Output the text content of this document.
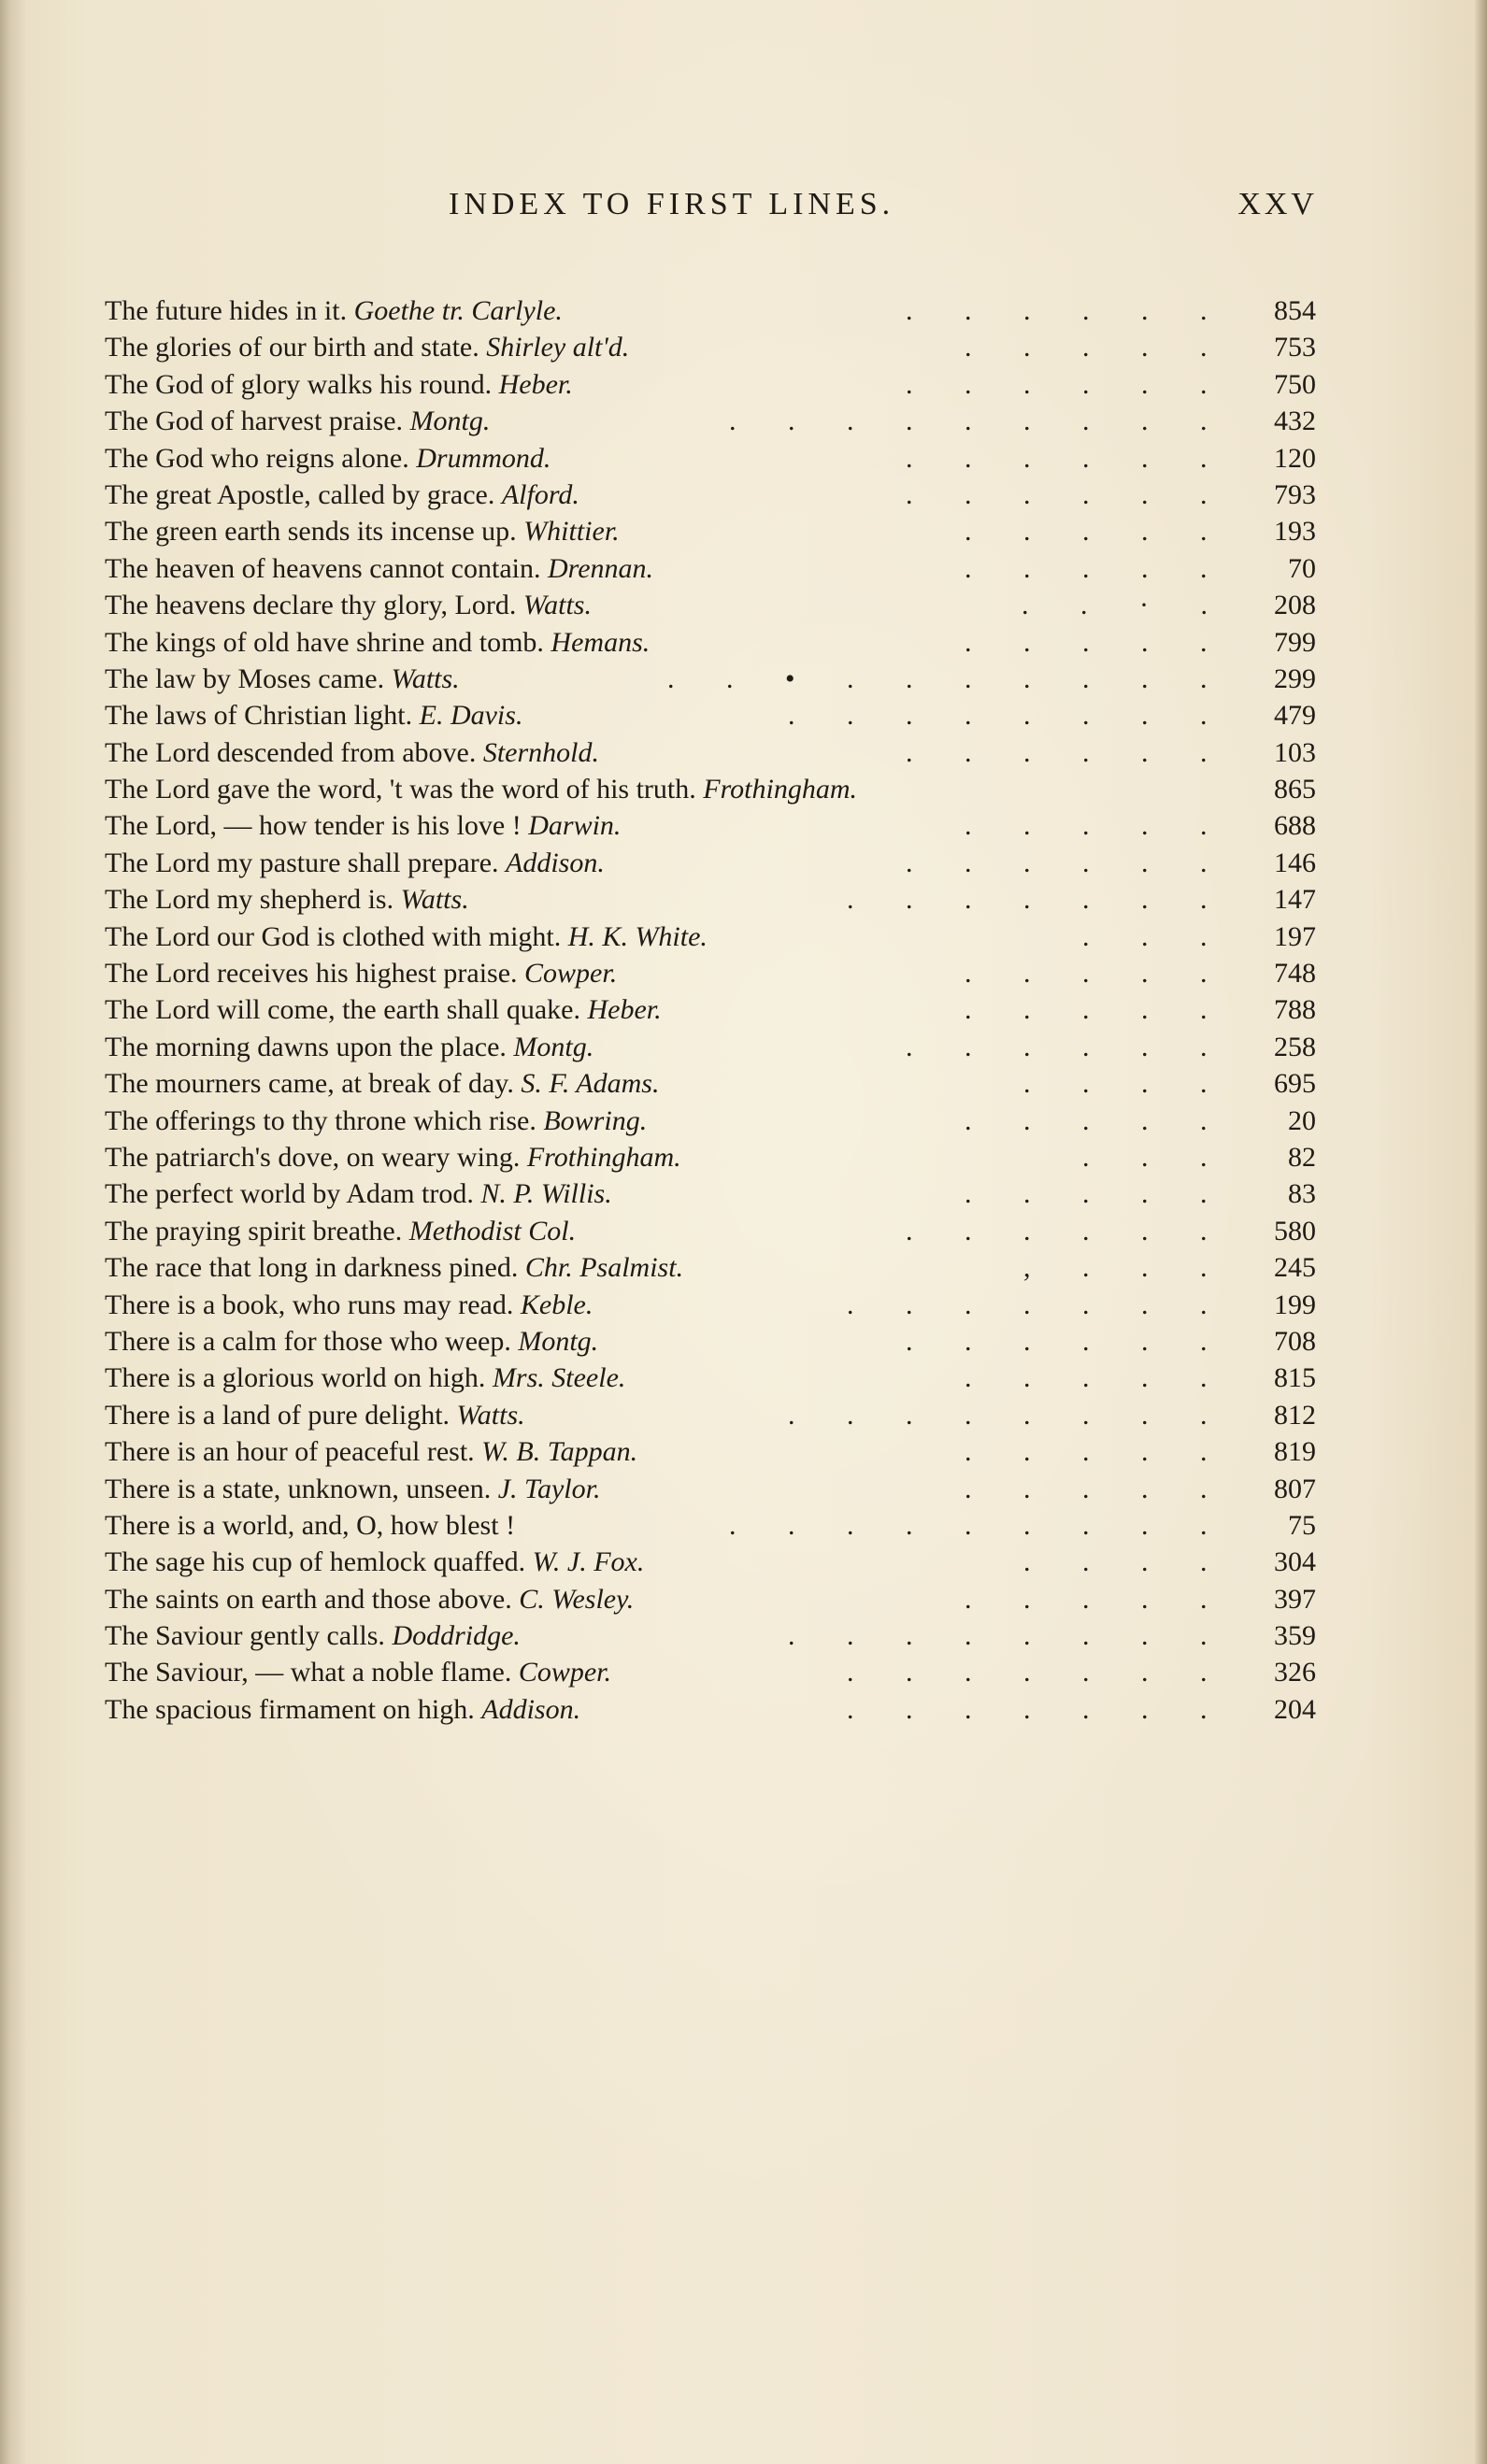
INDEX TO FIRST LINES.	XXV
The future hides in it. Goethe tr. Carlyle.	. . . . . .	854
The glories of our birth and state. Shirley alt'd.	. . . . .	753
The God of glory walks his round. Heber.	. . . . . .	750
The God of harvest praise. Montg.	. . . . . . . . .	432
The God who reigns alone. Drummond.	. . . . . .	120
The great Apostle, called by grace. Alford.	. . . . . .	793
The green earth sends its incense up. Whittier.	. . . . .	193
The heaven of heavens cannot contain. Drennan.	. . . . .	70
The heavens declare thy glory, Lord. Watts.	. . · .	208
The kings of old have shrine and tomb. Hemans.	. . . . .	799
The law by Moses came. Watts.	. . • . . . . . . .	299
The laws of Christian light. E. Davis.	. . . . . . . .	479
The Lord descended from above. Sternhold.	. . . . . .	103
The Lord gave the word, 't was the word of his truth. Frothingham.	865
The Lord, — how tender is his love ! Darwin.	. . . . .	688
The Lord my pasture shall prepare. Addison.	. . . . . .	146
The Lord my shepherd is. Watts.	. . . . . . .	147
The Lord our God is clothed with might. H. K. White.	. . .	197
The Lord receives his highest praise. Cowper.	. . . . .	748
The Lord will come, the earth shall quake. Heber.	. . . . .	788
The morning dawns upon the place. Montg.	. . . . . .	258
The mourners came, at break of day. S. F. Adams.	. . . .	695
The offerings to thy throne which rise. Bowring.	. . . . .	20
The patriarch's dove, on weary wing. Frothingham.	. . .	82
The perfect world by Adam trod. N. P. Willis.	. . . . .	83
The praying spirit breathe. Methodist Col.	. . . . . .	580
The race that long in darkness pined. Chr. Psalmist.	, . . .	245
There is a book, who runs may read. Keble.	. . . . . . .	199
There is a calm for those who weep. Montg.	. . . . . .	708
There is a glorious world on high. Mrs. Steele.	. . . . .	815
There is a land of pure delight. Watts.	. . . . . . . .	812
There is an hour of peaceful rest. W. B. Tappan.	. . . . .	819
There is a state, unknown, unseen. J. Taylor.	. . . . .	807
There is a world, and, O, how blest !	. . . . . . . . .	75
The sage his cup of hemlock quaffed. W. J. Fox.	. . . .	304
The saints on earth and those above. C. Wesley.	. . . . .	397
The Saviour gently calls. Doddridge.	. . . . . . . .	359
The Saviour, — what a noble flame. Cowper.	. . . . . . .	326
The spacious firmament on high. Addison.	. . . . . . .	204
